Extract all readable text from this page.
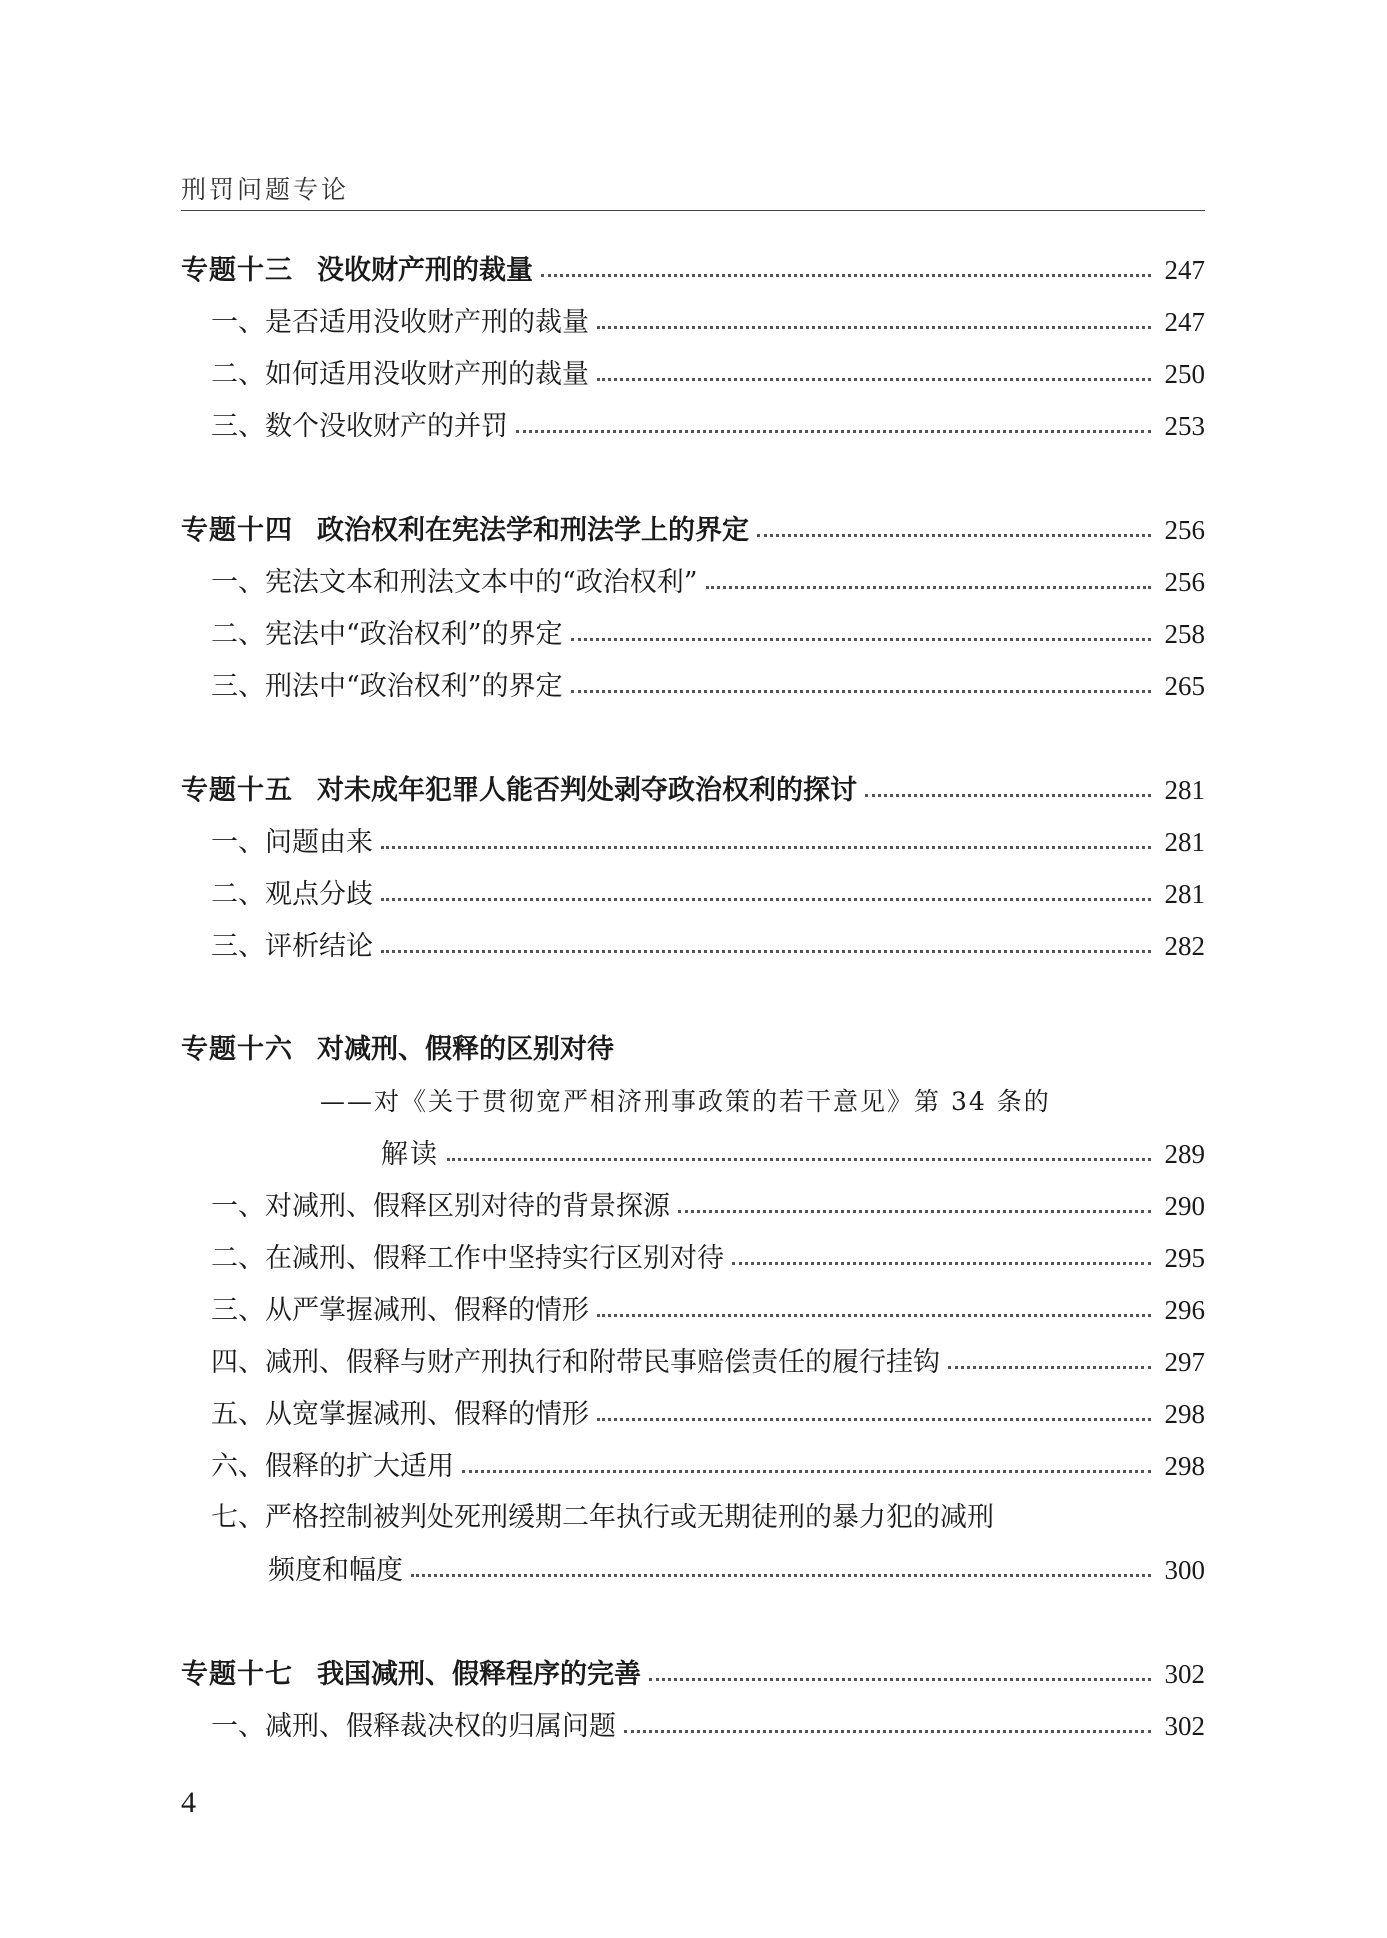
刑罚问题专论
专题十三 没收财产刑的裁量	247
一、是否适用没收财产刑的裁量	247
二、如何适用没收财产刑的裁量	250
三、数个没收财产的并罚	253
专题十四 政治权利在宪法学和刑法学上的界定	256
一、宪法文本和刑法文本中的“政治权利”	256
二、宪法中“政治权利”的界定	258
三、刑法中“政治权利”的界定	265
专题十五 对未成年犯罪人能否判处剥夺政治权利的探讨	281
一、问题由来	281
二、观点分歧	281
三、评析结论	282
专题十六 对减刑、假释的区别对待
——对《关于贯彻宽严相济刑事政策的若干意见》第 34 条的
解读	289
一、对减刑、假释区别对待的背景探源	290
二、在减刑、假释工作中坚持实行区别对待	295
三、从严掌握减刑、假释的情形	296
四、减刑、假释与财产刑执行和附带民事赔偿责任的履行挂钩	297
五、从宽掌握减刑、假释的情形	298
六、假释的扩大适用	298
七、严格控制被判处死刑缓期二年执行或无期徒刑的暴力犯的减刑
频度和幅度	300
专题十七 我国减刑、假释程序的完善	302
一、减刑、假释裁决权的归属问题	302
4
